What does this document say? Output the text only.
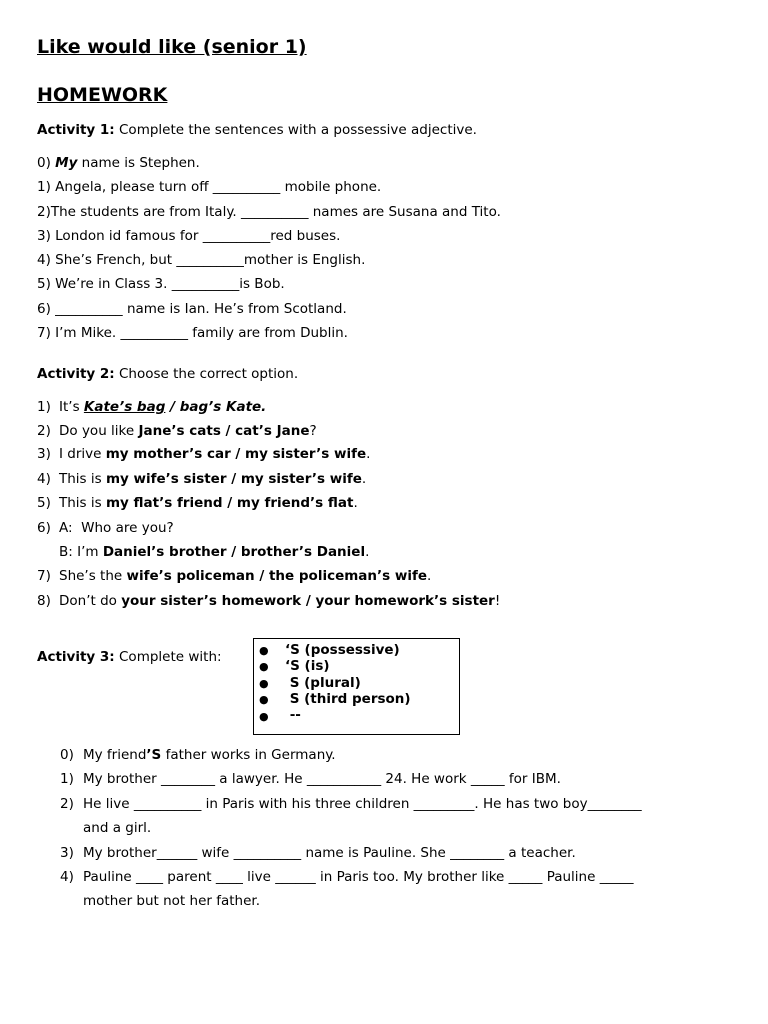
Like would like (senior 1)
HOMEWORK
Activity 1: Complete the sentences with a possessive adjective.
0) My name is Stephen.
1) Angela, please turn off __________ mobile phone.
2)The students are from Italy. __________ names are Susana and Tito.
3) London id famous for __________red buses.
4) She’s French, but __________mother is English.
5) We’re in Class 3. __________is Bob.
6) __________ name is Ian. He’s from Scotland.
7) I’m Mike. __________ family are from Dublin.
Activity 2: Choose the correct option.
1) It’s Kate’s bag / bag’s Kate.
2) Do you like Jane’s cats / cat’s Jane?
3) I drive my mother’s car / my sister’s wife.
4) This is my wife’s sister / my sister’s wife.
5) This is my flat’s friend / my friend’s flat.
6) A:  Who are you?
B: I’m Daniel’s brother / brother’s Daniel.
7) She’s the wife’s policeman / the policeman’s wife.
8) Don’t do your sister’s homework / your homework’s sister!
Activity 3: Complete with:	● ‘S (possessive)
● ‘S (is)
● S (plural)
● S (third person)
● --
0) My friend’S father works in Germany.
1) My brother ________ a lawyer. He ___________ 24. He work _____ for IBM.
2) He live __________ in Paris with his three children _________. He has two boy________
and a girl.
3) My brother______ wife __________ name is Pauline. She ________ a teacher.
4) Pauline ____ parent ____ live ______ in Paris too. My brother like _____ Pauline _____
mother but not her father.
